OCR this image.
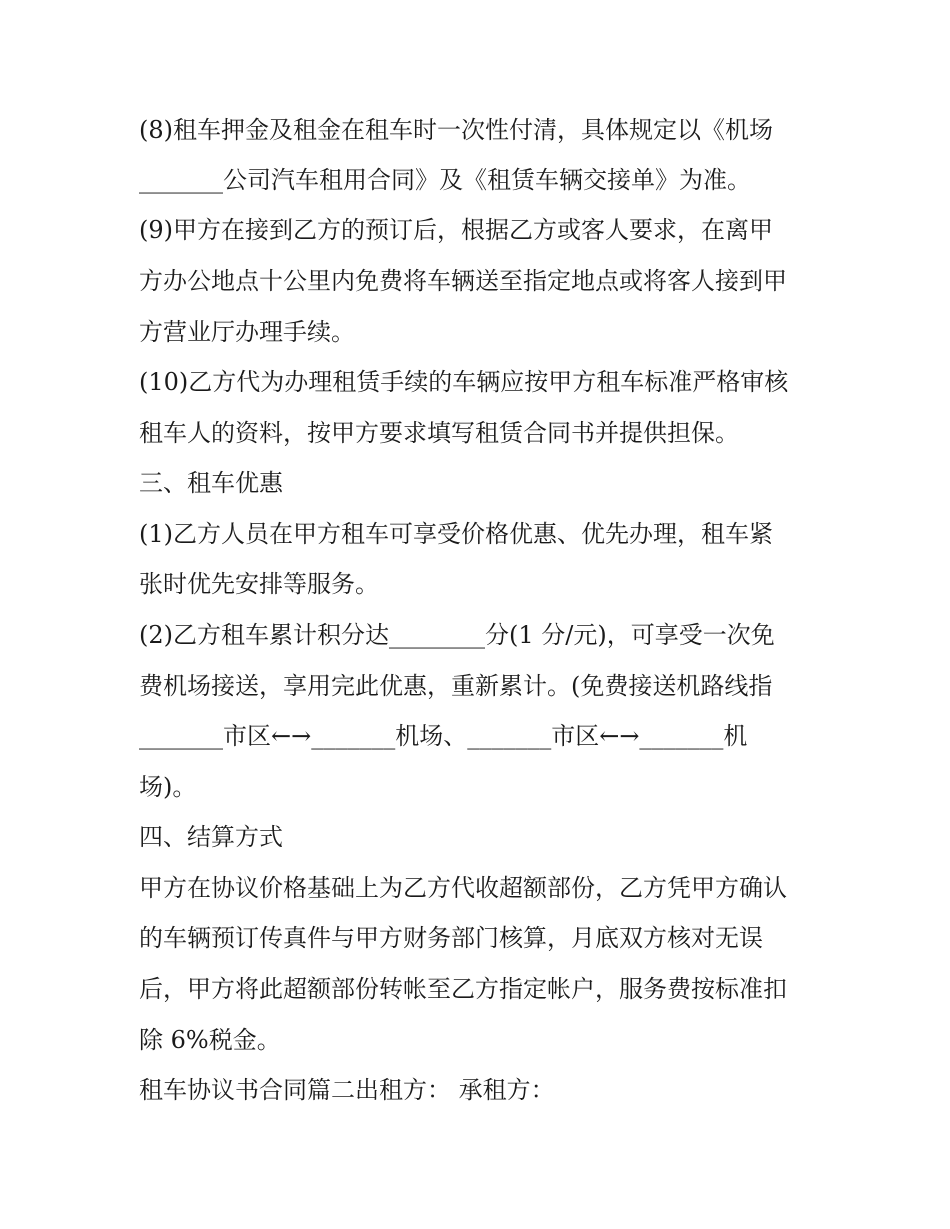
(8)租车押金及租金在租车时一次性付清，具体规定以《机场
_______公司汽车租用合同》及《租赁车辆交接单》为准。
(9)甲方在接到乙方的预订后，根据乙方或客人要求，在离甲
方办公地点十公里内免费将车辆送至指定地点或将客人接到甲
方营业厅办理手续。
(10)乙方代为办理租赁手续的车辆应按甲方租车标准严格审核
租车人的资料，按甲方要求填写租赁合同书并提供担保。
三、租车优惠
(1)乙方人员在甲方租车可享受价格优惠、优先办理，租车紧
张时优先安排等服务。
(2)乙方租车累计积分达________分(1 分/元)，可享受一次免
费机场接送，享用完此优惠，重新累计。(免费接送机路线指
_______市区←→_______机场、_______市区←→_______机
场)。
四、结算方式
甲方在协议价格基础上为乙方代收超额部份，乙方凭甲方确认
的车辆预订传真件与甲方财务部门核算，月底双方核对无误
后，甲方将此超额部份转帐至乙方指定帐户，服务费按标准扣
除 6%税金。
租车协议书合同篇二出租方： 承租方：
